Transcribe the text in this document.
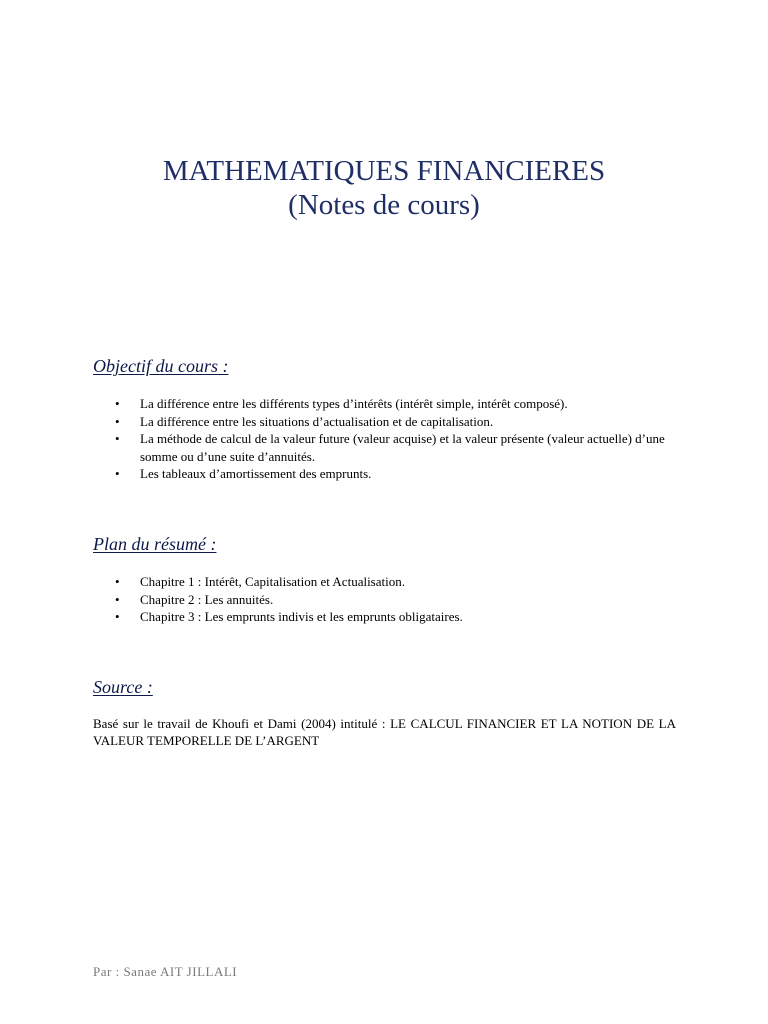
MATHEMATIQUES FINANCIERES

(Notes de cours)

Objectif du cours :
• La différence entre les différents types d’intérêts (intérêt simple, intérêt composé).
• La différence entre les situations d’actualisation et de capitalisation.
• La méthode de calcul de la valeur future (valeur acquise) et la valeur présente (valeur actuelle) d’une somme ou d’une suite d’annuités.
• Les tableaux d’amortissement des emprunts.
Plan du résumé :
• Chapitre 1 : Intérêt, Capitalisation et Actualisation.
• Chapitre 2 : Les annuités.
• Chapitre 3 : Les emprunts indivis et les emprunts obligataires.
Source :

Basé sur le travail de Khoufi et Dami (2004) intitulé : LE CALCUL FINANCIER ET LA NOTION DE LA VALEUR TEMPORELLE DE L’ARGENT

Par : Sanae AIT JILLALI
